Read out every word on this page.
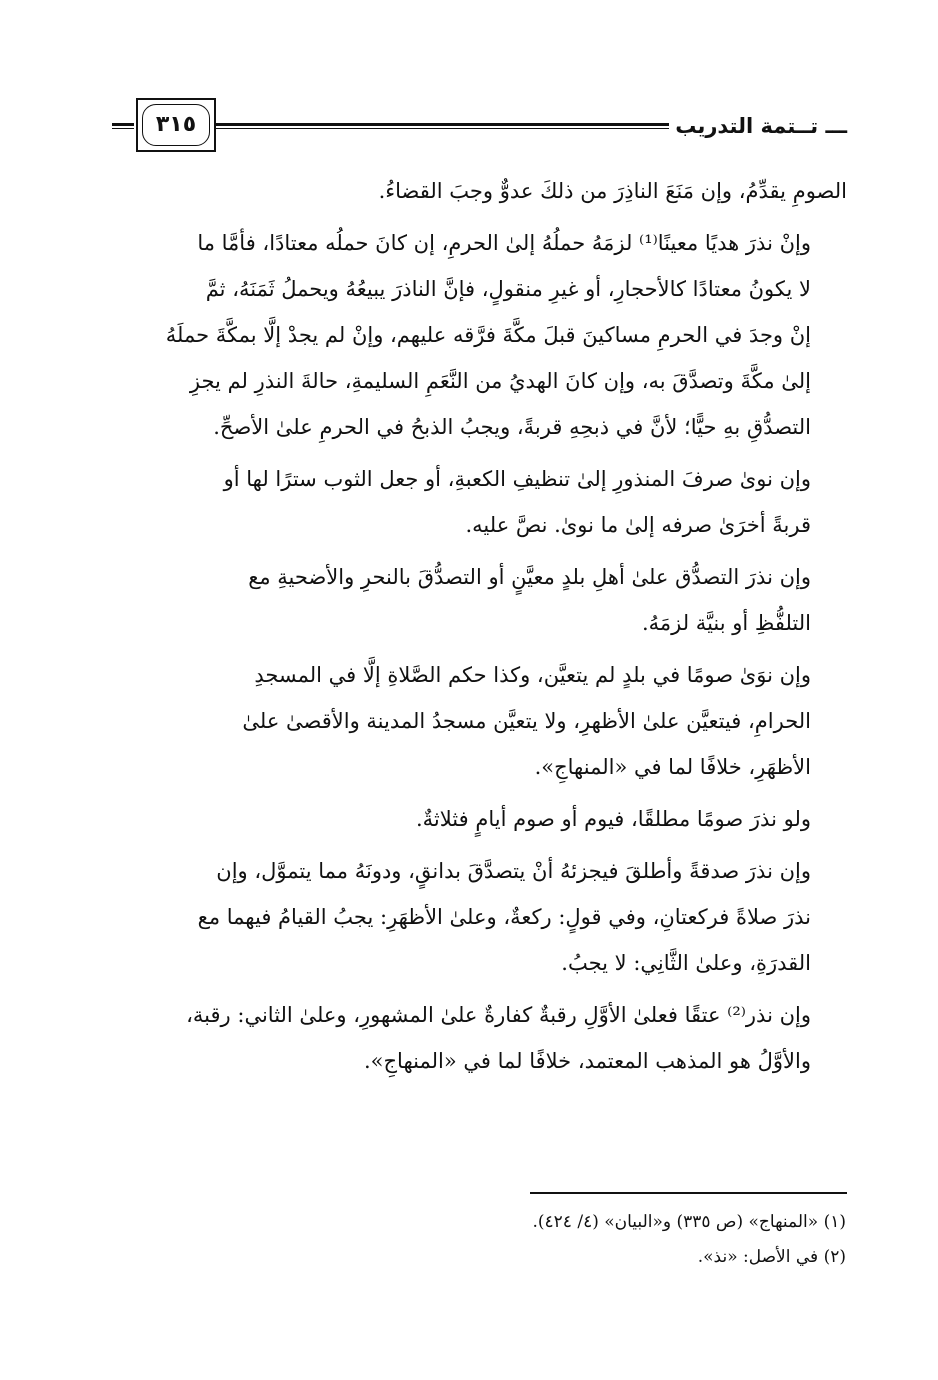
ـــ تــتمة التدريب
٣١٥
الصومِ يقدِّمُ، وإن مَنَعَ الناذِرَ من ذلكَ عدوٌّ وجبَ القضاءُ.
وإنْ نذرَ هديًا معينًا⁽¹⁾ لزمَهُ حملُهُ إلىٰ الحرمِ، إن كانَ حملُه معتادًا، فأمَّا ما
لا يكونُ معتادًا كالأحجارِ، أو غيرِ منقولٍ، فإنَّ الناذرَ يبيعُهُ ويحملُ ثَمَنَهُ، ثمَّ
إنْ وجدَ في الحرمِ مساكينَ قبلَ مكَّةَ فرَّقه عليهم، وإنْ لم يجدْ إلَّا بمكَّةَ حملَهُ
إلىٰ مكَّةَ وتصدَّقَ به، وإن كانَ الهديُ من النَّعَمِ السليمةِ، حالةَ النذرِ لم يجزِ
التصدُّقِ بهِ حيًّا؛ لأنَّ في ذبحِهِ قربةً، ويجبُ الذبحُ في الحرمِ علىٰ الأصحِّ.
وإن نوىٰ صرفَ المنذورِ إلىٰ تنظيفِ الكعبةِ، أو جعل الثوب سترًا لها أو
قربةً أخرَىٰ صرفه إلىٰ ما نوىٰ. نصَّ عليه.
وإن نذرَ التصدُّق علىٰ أهلِ بلدٍ معيَّنٍ أو التصدُّقَ بالنحرِ والأضحيةِ مع
التلفُّظِ أو بنيَّة لزمَهُ.
وإن نوَىٰ صومًا في بلدٍ لم يتعيَّن، وكذا حكم الصَّلاةِ إلَّا في المسجدِ
الحرامِ، فيتعيَّن علىٰ الأظهرِ، ولا يتعيَّن مسجدُ المدينة والأقصىٰ علىٰ
الأظهَرِ، خلافًا لما في «المنهاجِ».
ولو نذرَ صومًا مطلقًا، فيوم أو صوم أيامٍ فثلاثةٌ.
وإن نذرَ صدقةً وأطلقَ فيجزئهُ أنْ يتصدَّقَ بدانقٍ، ودونَهُ مما يتموَّل، وإن
نذرَ صلاةً فركعتانِ، وفي قولٍ: ركعةٌ، وعلىٰ الأظهَرِ: يجبُ القيامُ فيهما مع
القدرَةِ، وعلىٰ الثَّانِي: لا يجبُ.
وإن نذر⁽²⁾ عتقًا فعلىٰ الأوَّلِ رقبةٌ كفارةٌ علىٰ المشهورِ، وعلىٰ الثاني: رقبة،
والأوَّلُ هو المذهب المعتمد، خلافًا لما في «المنهاجِ».
(١) «المنهاج» (ص ٣٣٥) و«البيان» (٤/ ٤٢٤).
(٢) في الأصل: «نذ».
